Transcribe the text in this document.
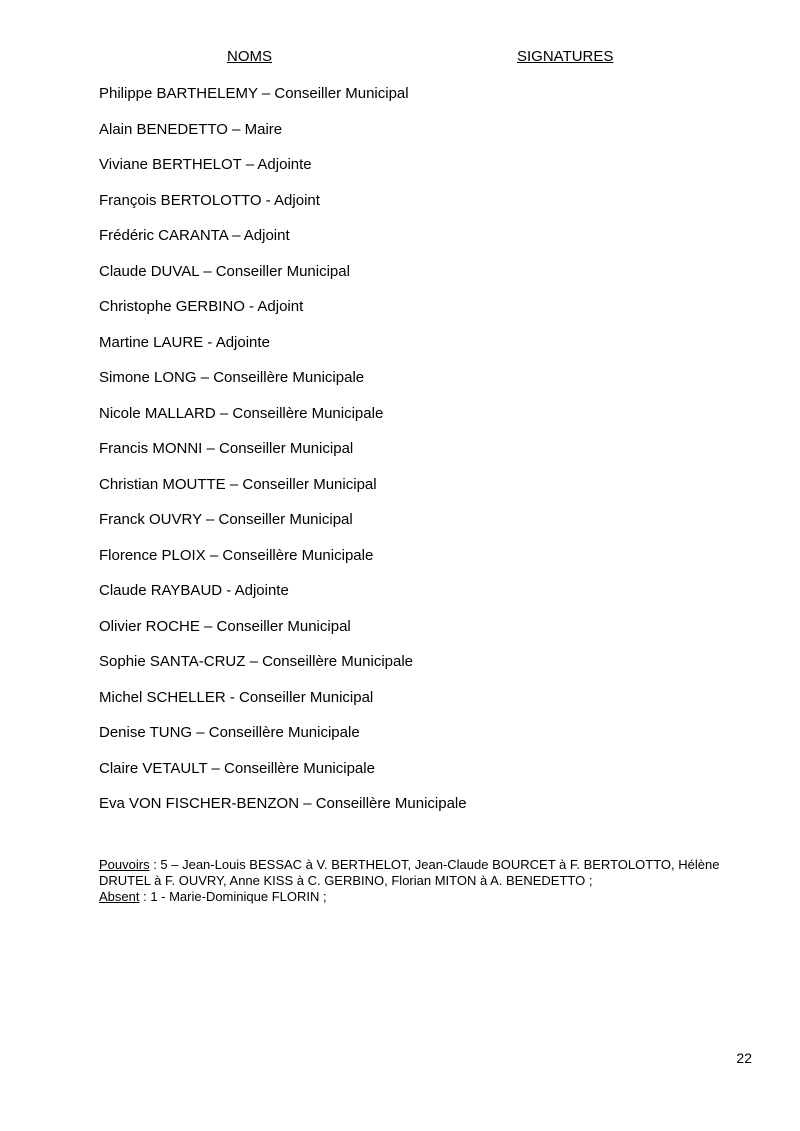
NOMS	SIGNATURES
Philippe BARTHELEMY – Conseiller Municipal
Alain BENEDETTO – Maire
Viviane BERTHELOT – Adjointe
François BERTOLOTTO - Adjoint
Frédéric CARANTA – Adjoint
Claude DUVAL – Conseiller Municipal
Christophe GERBINO - Adjoint
Martine LAURE - Adjointe
Simone LONG – Conseillère Municipale
Nicole MALLARD – Conseillère Municipale
Francis MONNI – Conseiller Municipal
Christian MOUTTE – Conseiller Municipal
Franck OUVRY – Conseiller Municipal
Florence PLOIX – Conseillère Municipale
Claude RAYBAUD - Adjointe
Olivier ROCHE – Conseiller Municipal
Sophie SANTA-CRUZ – Conseillère Municipale
Michel SCHELLER - Conseiller Municipal
Denise TUNG – Conseillère Municipale
Claire VETAULT – Conseillère Municipale
Eva VON FISCHER-BENZON – Conseillère Municipale

Pouvoirs : 5 – Jean-Louis BESSAC à V. BERTHELOT, Jean-Claude BOURCET à F. BERTOLOTTO, Hélène DRUTEL à F. OUVRY, Anne KISS à C. GERBINO, Florian MITON à A. BENEDETTO ;

Absent : 1 - Marie-Dominique FLORIN ;

22
